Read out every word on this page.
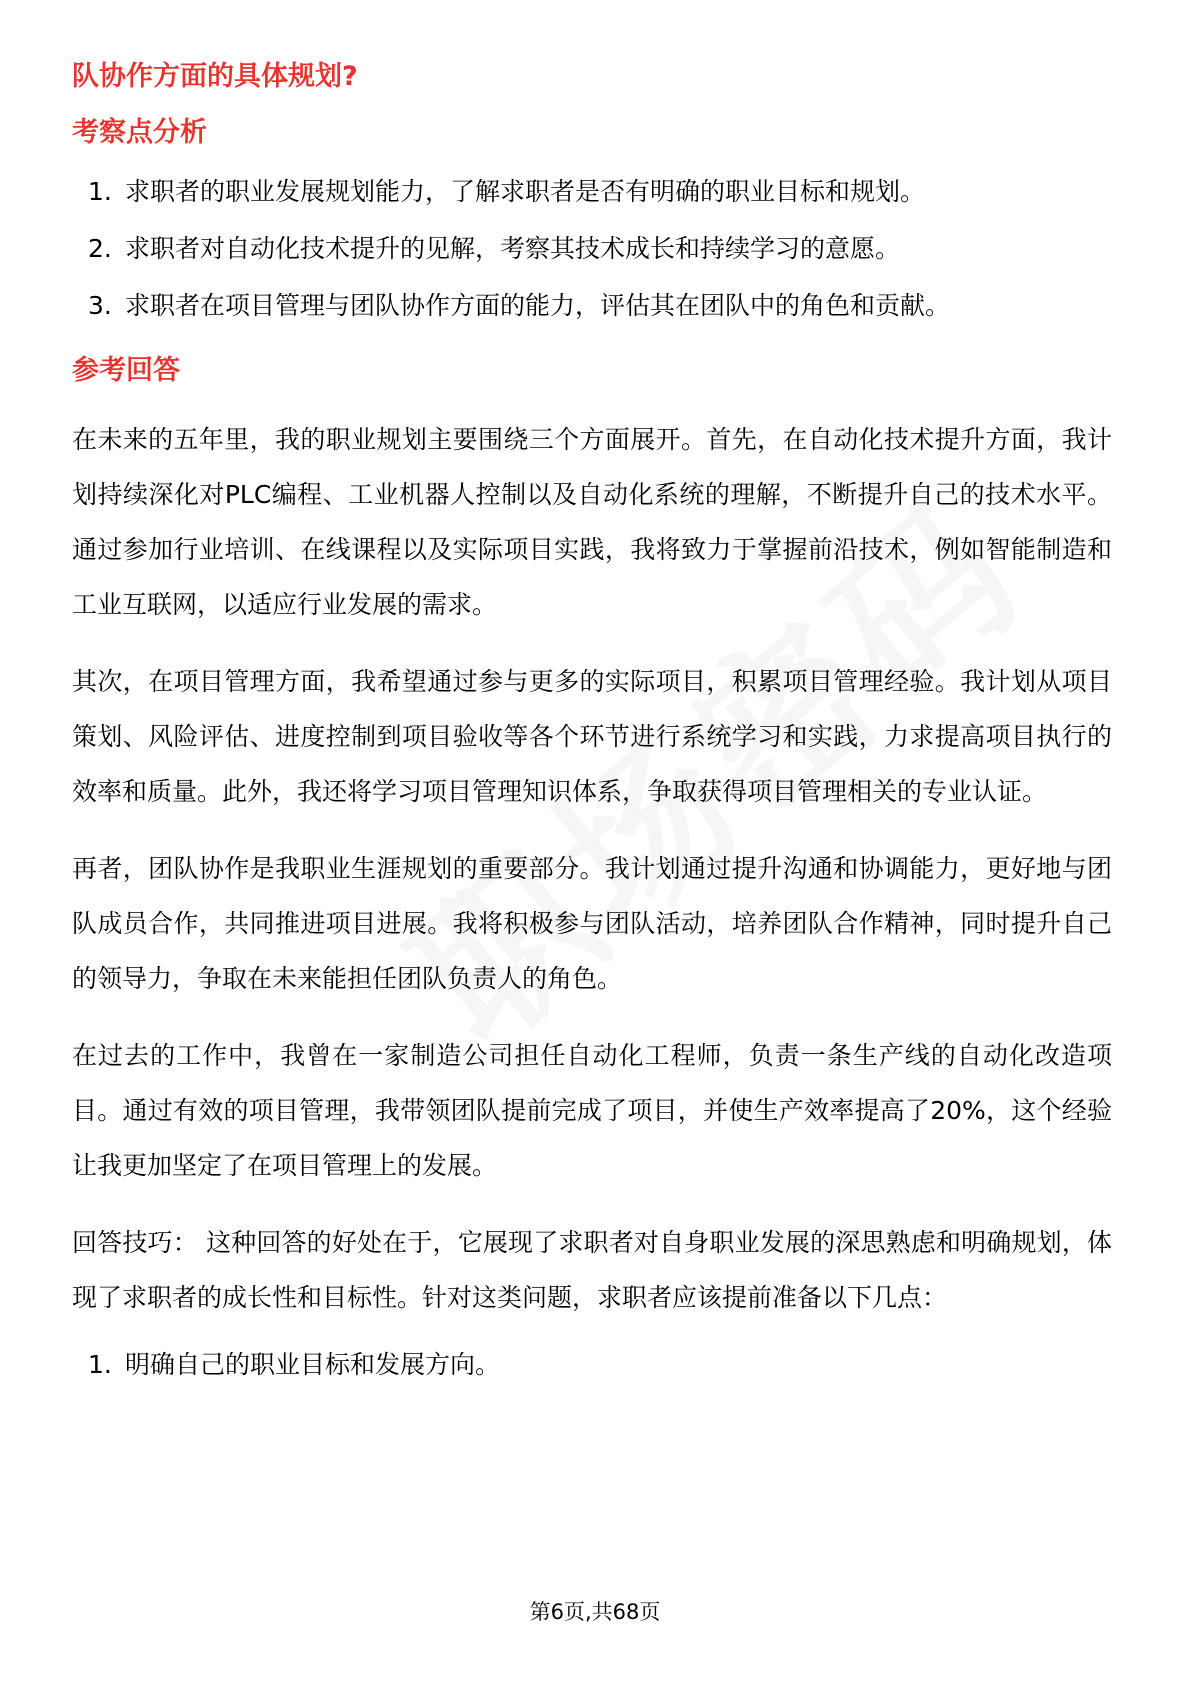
队协作方面的具体规划?
考察点分析
1. 求职者的职业发展规划能力，了解求职者是否有明确的职业目标和规划。
2. 求职者对自动化技术提升的见解，考察其技术成长和持续学习的意愿。
3. 求职者在项目管理与团队协作方面的能力，评估其在团队中的角色和贡献。
参考回答

在未来的五年里，我的职业规划主要围绕三个方面展开。首先，在自动化技术提升方面，我计划持续深化对PLC编程、工业机器人控制以及自动化系统的理解，不断提升自己的技术水平。通过参加行业培训、在线课程以及实际项目实践，我将致力于掌握前沿技术，例如智能制造和工业互联网，以适应行业发展的需求。

其次，在项目管理方面，我希望通过参与更多的实际项目，积累项目管理经验。我计划从项目策划、风险评估、进度控制到项目验收等各个环节进行系统学习和实践，力求提高项目执行的效率和质量。此外，我还将学习项目管理知识体系，争取获得项目管理相关的专业认证。

再者，团队协作是我职业生涯规划的重要部分。我计划通过提升沟通和协调能力，更好地与团队成员合作，共同推进项目进展。我将积极参与团队活动，培养团队合作精神，同时提升自己的领导力，争取在未来能担任团队负责人的角色。

在过去的工作中，我曾在一家制造公司担任自动化工程师，负责一条生产线的自动化改造项目。通过有效的项目管理，我带领团队提前完成了项目，并使生产效率提高了20%，这个经验让我更加坚定了在项目管理上的发展。

回答技巧： 这种回答的好处在于，它展现了求职者对自身职业发展的深思熟虑和明确规划，体现了求职者的成长性和目标性。针对这类问题，求职者应该提前准备以下几点：

1. 明确自己的职业目标和发展方向。
第6页,共68页
